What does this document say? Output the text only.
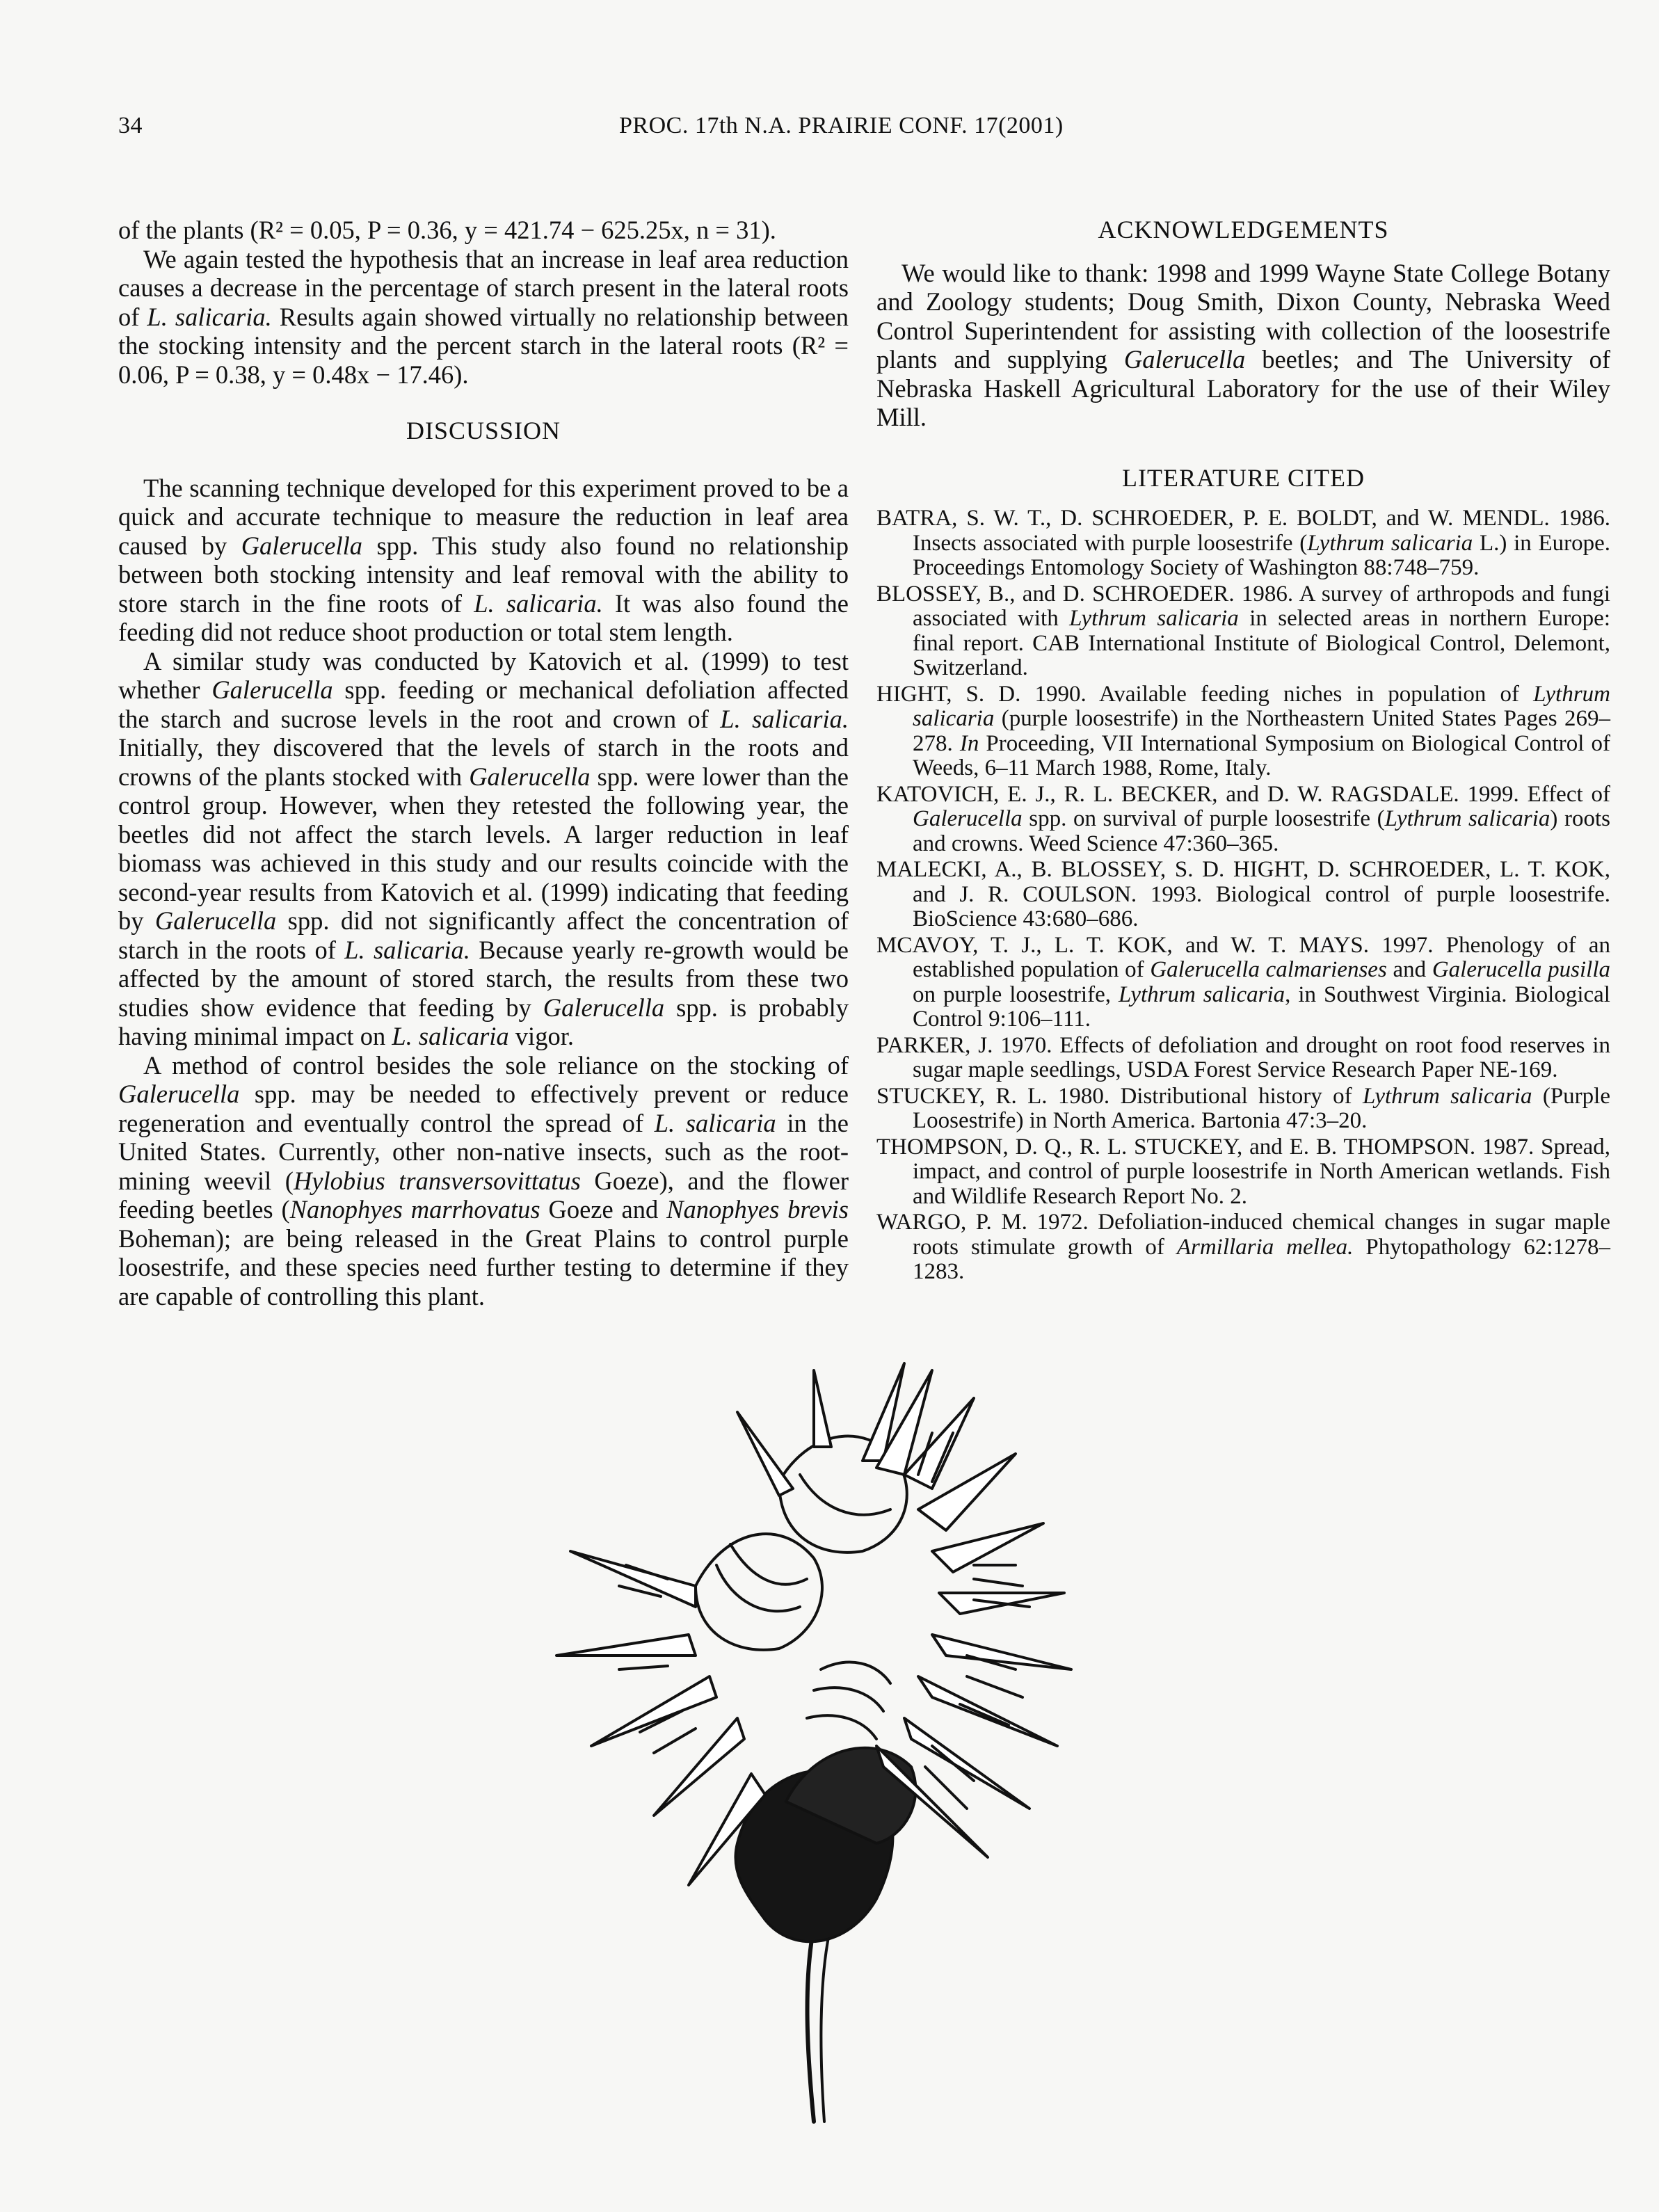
34	PROC. 17th N.A. PRAIRIE CONF. 17(2001)

of the plants (R² = 0.05, P = 0.36, y = 421.74 − 625.25x, n = 31).

We again tested the hypothesis that an increase in leaf area reduction causes a decrease in the percentage of starch present in the lateral roots of L. salicaria. Results again showed virtually no relationship between the stocking intensity and the percent starch in the lateral roots (R² = 0.06, P = 0.38, y = 0.48x − 17.46).

DISCUSSION

The scanning technique developed for this experiment proved to be a quick and accurate technique to measure the reduction in leaf area caused by Galerucella spp. This study also found no relationship between both stocking intensity and leaf removal with the ability to store starch in the fine roots of L. salicaria. It was also found the feeding did not reduce shoot production or total stem length.

A similar study was conducted by Katovich et al. (1999) to test whether Galerucella spp. feeding or mechanical defoliation affected the starch and sucrose levels in the root and crown of L. salicaria. Initially, they discovered that the levels of starch in the roots and crowns of the plants stocked with Galerucella spp. were lower than the control group. However, when they retested the following year, the beetles did not affect the starch levels. A larger reduction in leaf biomass was achieved in this study and our results coincide with the second-year results from Katovich et al. (1999) indicating that feeding by Galerucella spp. did not significantly affect the concentration of starch in the roots of L. salicaria. Because yearly re-growth would be affected by the amount of stored starch, the results from these two studies show evidence that feeding by Galerucella spp. is probably having minimal impact on L. salicaria vigor.

A method of control besides the sole reliance on the stocking of Galerucella spp. may be needed to effectively prevent or reduce regeneration and eventually control the spread of L. salicaria in the United States. Currently, other non-native insects, such as the root-mining weevil (Hylobius transversovittatus Goeze), and the flower feeding beetles (Nanophyes marrhovatus Goeze and Nanophyes brevis Boheman); are being released in the Great Plains to control purple loosestrife, and these species need further testing to determine if they are capable of controlling this plant.

ACKNOWLEDGEMENTS

We would like to thank: 1998 and 1999 Wayne State College Botany and Zoology students; Doug Smith, Dixon County, Nebraska Weed Control Superintendent for assisting with collection of the loosestrife plants and supplying Galerucella beetles; and The University of Nebraska Haskell Agricultural Laboratory for the use of their Wiley Mill.

LITERATURE CITED

BATRA, S. W. T., D. SCHROEDER, P. E. BOLDT, and W. MENDL. 1986. Insects associated with purple loosestrife (Lythrum salicaria L.) in Europe. Proceedings Entomology Society of Washington 88:748–759.

BLOSSEY, B., and D. SCHROEDER. 1986. A survey of arthropods and fungi associated with Lythrum salicaria in selected areas in northern Europe: final report. CAB International Institute of Biological Control, Delemont, Switzerland.

HIGHT, S. D. 1990. Available feeding niches in population of Lythrum salicaria (purple loosestrife) in the Northeastern United States Pages 269–278. In Proceeding, VII International Symposium on Biological Control of Weeds, 6–11 March 1988, Rome, Italy.

KATOVICH, E. J., R. L. BECKER, and D. W. RAGSDALE. 1999. Effect of Galerucella spp. on survival of purple loosestrife (Lythrum salicaria) roots and crowns. Weed Science 47:360–365.

MALECKI, A., B. BLOSSEY, S. D. HIGHT, D. SCHROEDER, L. T. KOK, and J. R. COULSON. 1993. Biological control of purple loosestrife. BioScience 43:680–686.

MCAVOY, T. J., L. T. KOK, and W. T. MAYS. 1997. Phenology of an established population of Galerucella calmarienses and Galerucella pusilla on purple loosestrife, Lythrum salicaria, in Southwest Virginia. Biological Control 9:106–111.

PARKER, J. 1970. Effects of defoliation and drought on root food reserves in sugar maple seedlings, USDA Forest Service Research Paper NE-169.

STUCKEY, R. L. 1980. Distributional history of Lythrum salicaria (Purple Loosestrife) in North America. Bartonia 47:3–20.

THOMPSON, D. Q., R. L. STUCKEY, and E. B. THOMPSON. 1987. Spread, impact, and control of purple loosestrife in North American wetlands. Fish and Wildlife Research Report No. 2.

WARGO, P. M. 1972. Defoliation-induced chemical changes in sugar maple roots stimulate growth of Armillaria mellea. Phytopathology 62:1278–1283.
